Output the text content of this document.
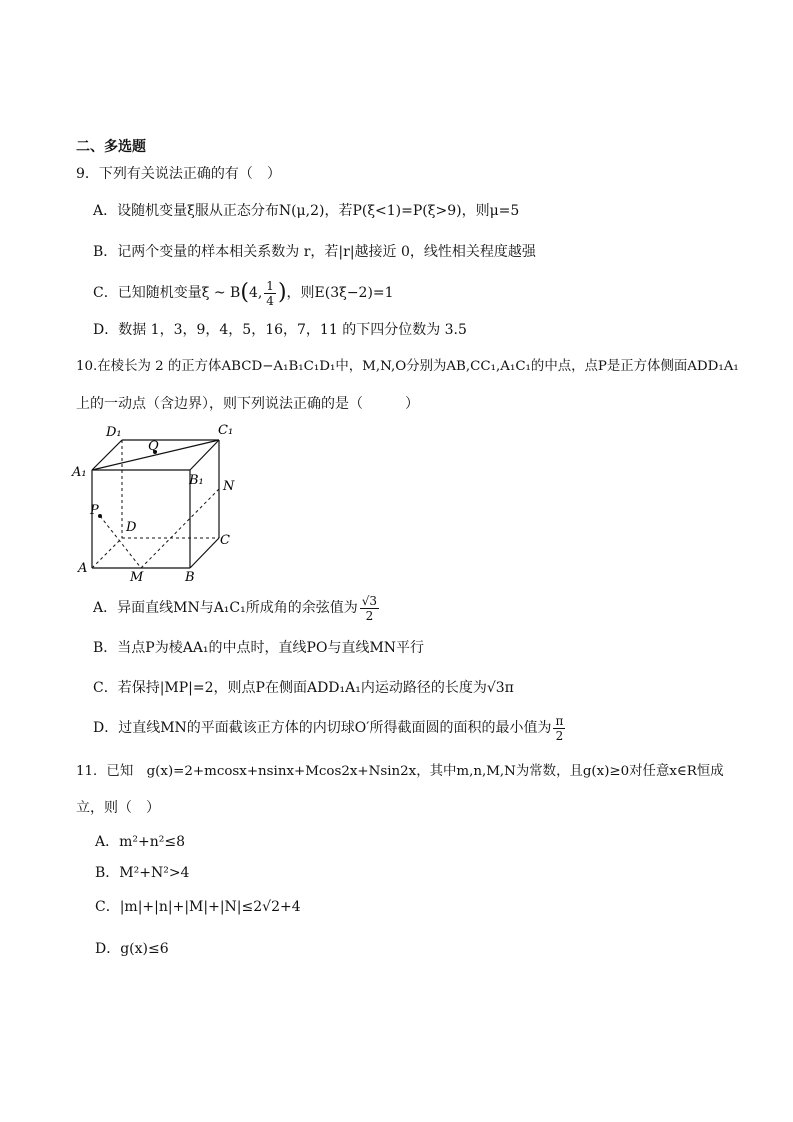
二、多选题
9．下列有关说法正确的有（　）
A．设随机变量ξ服从正态分布N(μ,2)，若P(ξ<1)=P(ξ>9)，则μ=5
B．记两个变量的样本相关系数为 r，若|r|越接近 0，线性相关程度越强
C．已知随机变量ξ ~ B(4, $\frac{1}{4}$ )，则E(3ξ−2)=1
D．数据 1，3，9，4，5，16，7，11 的下四分位数为 3.5
10.在棱长为 2 的正方体ABCD−A₁B₁C₁D₁中，M,N,O分别为AB,CC₁,A₁C₁的中点，点P是正方体侧面ADD₁A₁
上的一动点（含边界），则下列说法正确的是（　　　）
D₁	C₁
Q
A₁
B₁ N
P
D
C
A
M	B
A．异面直线MN与A₁C₁所成角的余弦值为 $\frac{√3}{2}$
B．当点P为棱AA₁的中点时，直线PO与直线MN平行
C．若保持|MP|=2，则点P在侧面ADD₁A₁内运动路径的长度为√3π
D．过直线MN的平面截该正方体的内切球O′所得截面圆的面积的最小值为 $\frac{\pi}{2}$
11．已知　g(x)=2+mcosx+nsinx+Mcos2x+Nsin2x，其中m,n,M,N为常数，且g(x)≥0对任意x∈R恒成
立，则（　）
A．m²+n²≤8
B．M²+N²>4
C．|m|+|n|+|M|+|N|≤2√2+4
D．g(x)≤6
